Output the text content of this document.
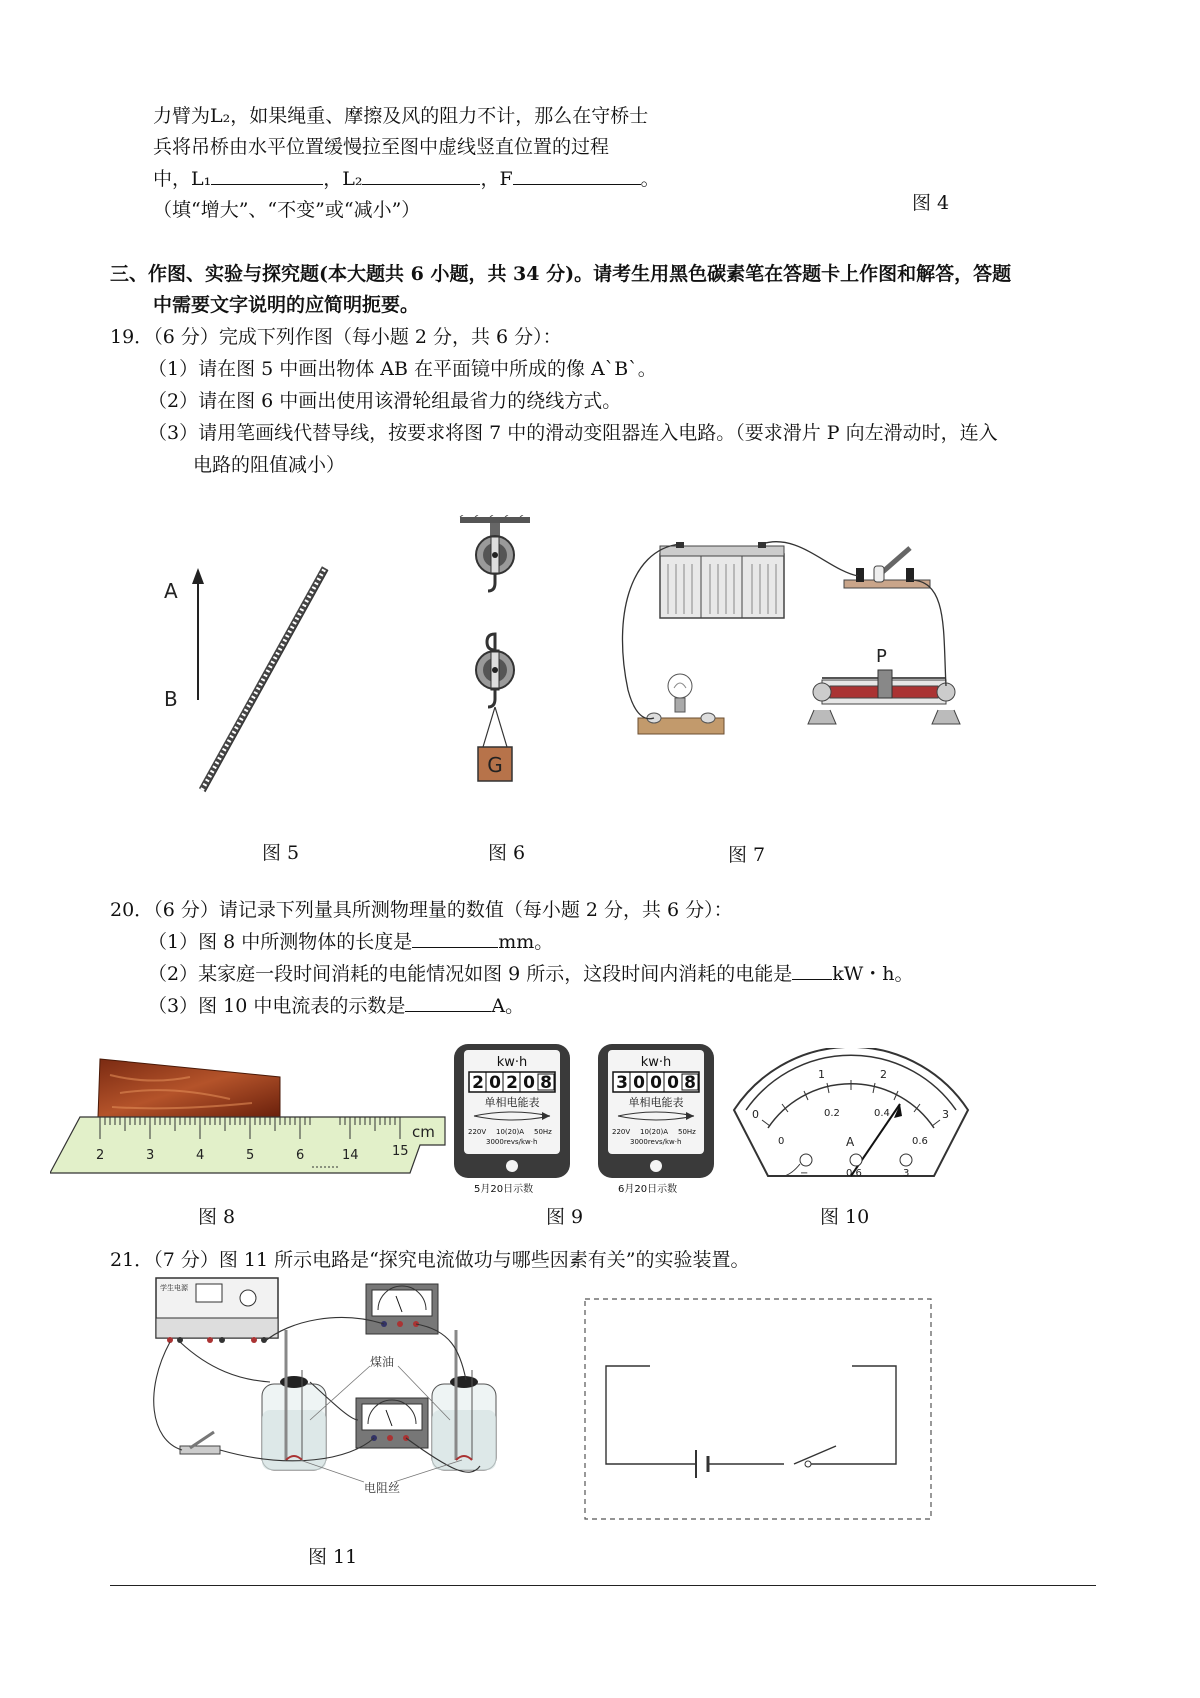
力臂为L₂，如果绳重、摩擦及风的阻力不计，那么在守桥士
兵将吊桥由水平位置缓慢拉至图中虚线竖直位置的过程
中，L₁	，L₂	，F	。
（填“增大”、“不变”或“减小”）	图 4
三、作图、实验与探究题(本大题共 6 小题，共 34 分)。请考生用黑色碳素笔在答题卡上作图和解答，答题
中需要文字说明的应简明扼要。
19．（6 分）完成下列作图（每小题 2 分，共 6 分）：
（1）请在图 5 中画出物体 AB 在平面镜中所成的像 A`B`。
（2）请在图 6 中画出使用该滑轮组最省力的绕线方式。
（3）请用笔画线代替导线，按要求将图 7 中的滑动变阻器连入电路。（要求滑片 P 向左滑动时，连入
电路的阻值减小）
A
B
G
P
图 5	图 6	图 7
20．（6 分）请记录下列量具所测物理量的数值（每小题 2 分，共 6 分）：
（1）图 8 中所测物体的长度是	mm。
（2）某家庭一段时间消耗的电能情况如图 9 所示，这段时间内消耗的电能是 kW・h。
（3）图 10 中电流表的示数是	A。
2	3	4	5	6	14	15
cm
kw·h
2 0 2 0 8
单相电能表
220V 10(20)A 50Hz
3000revs/kw·h
5月20日示数
kw·h
3 0 0 0 8
单相电能表
220V 10(20)A 50Hz
3000revs/kw·h
6月20日示数
0
1	2
3
0
0.2	0.4
0.6
A
−	0.6	3
图 8	图 9	图 10
21．（7 分）图 11 所示电路是“探究电流做功与哪些因素有关”的实验装置。
学生电源
煤油
电阻丝
图 11
